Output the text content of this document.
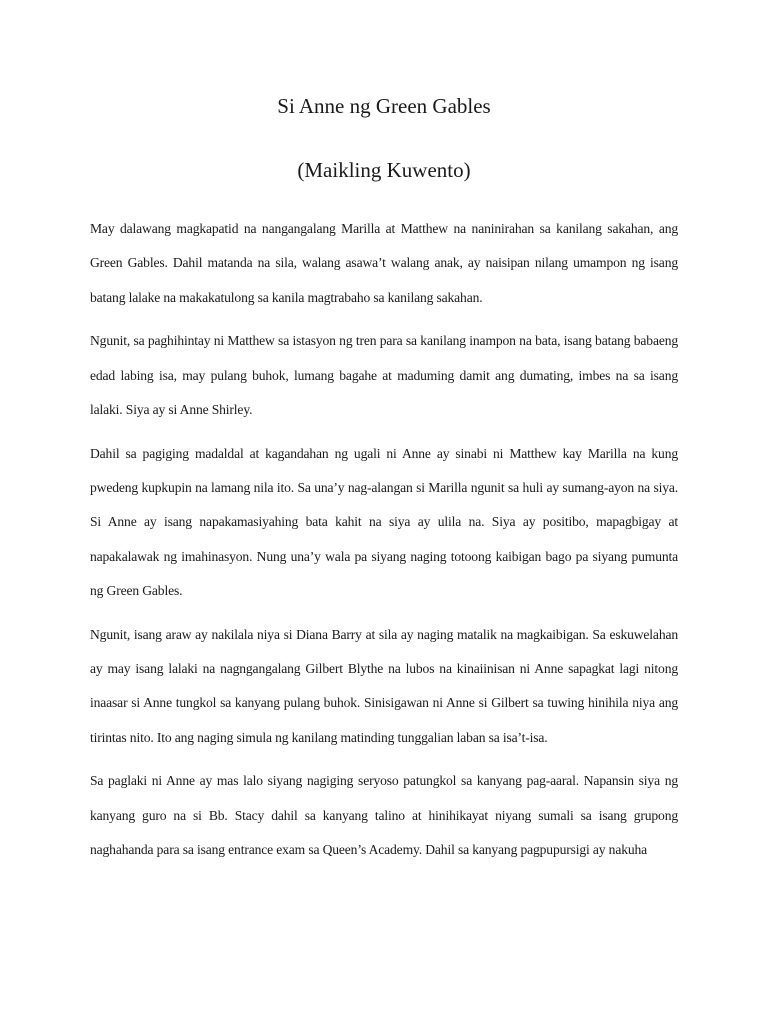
Si Anne ng Green Gables
(Maikling Kuwento)

May dalawang magkapatid na nangangalang Marilla at Matthew na naninirahan sa kanilang sakahan, ang Green Gables. Dahil matanda na sila, walang asawa’t walang anak, ay naisipan nilang umampon ng isang batang lalake na makakatulong sa kanila magtrabaho sa kanilang sakahan.

Ngunit, sa paghihintay ni Matthew sa istasyon ng tren para sa kanilang inampon na bata, isang batang babaeng edad labing isa, may pulang buhok, lumang bagahe at maduming damit ang dumating, imbes na sa isang lalaki. Siya ay si Anne Shirley.

Dahil sa pagiging madaldal at kagandahan ng ugali ni Anne ay sinabi ni Matthew kay Marilla na kung pwedeng kupkupin na lamang nila ito. Sa una’y nag-alangan si Marilla ngunit sa huli ay sumang-ayon na siya. Si Anne ay isang napakamasiyahing bata kahit na siya ay ulila na. Siya ay positibo, mapagbigay at napakalawak ng imahinasyon. Nung una’y wala pa siyang naging totoong kaibigan bago pa siyang pumunta ng Green Gables.

Ngunit, isang araw ay nakilala niya si Diana Barry at sila ay naging matalik na magkaibigan. Sa eskuwelahan ay may isang lalaki na nagngangalang Gilbert Blythe na lubos na kinaiinisan ni Anne sapagkat lagi nitong inaasar si Anne tungkol sa kanyang pulang buhok. Sinisigawan ni Anne si Gilbert sa tuwing hinihila niya ang tirintas nito. Ito ang naging simula ng kanilang matinding tunggalian laban sa isa’t-isa.

Sa paglaki ni Anne ay mas lalo siyang nagiging seryoso patungkol sa kanyang pag-aaral. Napansin siya ng kanyang guro na si Bb. Stacy dahil sa kanyang talino at hinihikayat niyang sumali sa isang grupong naghahanda para sa isang entrance exam sa Queen’s Academy. Dahil sa kanyang pagpupursigi ay nakuha
